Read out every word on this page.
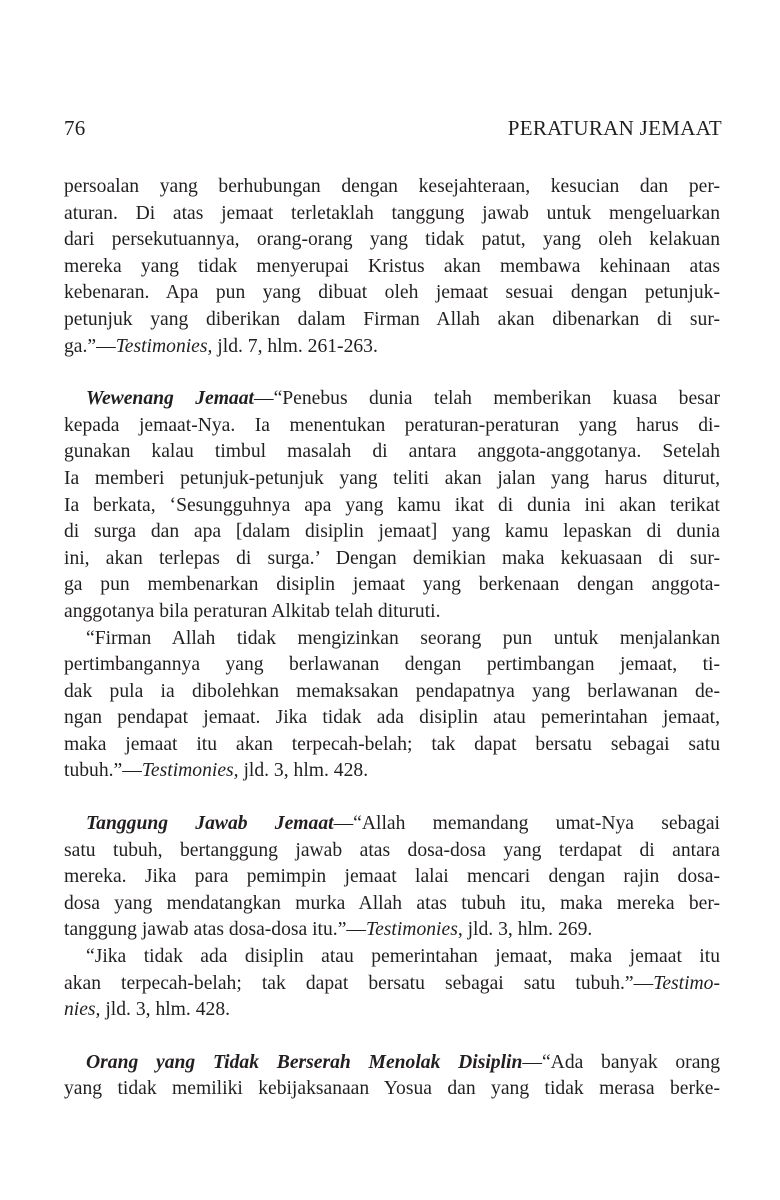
76	PERATURAN JEMAAT

persoalan yang berhubungan dengan kesejahteraan, kesucian dan per-
aturan. Di atas jemaat terletaklah tanggung jawab untuk mengeluarkan
dari persekutuannya, orang-orang yang tidak patut, yang oleh kelakuan
mereka yang tidak menyerupai Kristus akan membawa kehinaan atas
kebenaran. Apa pun yang dibuat oleh jemaat sesuai dengan petunjuk-
petunjuk yang diberikan dalam Firman Allah akan dibenarkan di sur-
ga.”—Testimonies, jld. 7, hlm. 261-263.

Wewenang Jemaat—“Penebus dunia telah memberikan kuasa besar
kepada jemaat-Nya. Ia menentukan peraturan-peraturan yang harus di-
gunakan kalau timbul masalah di antara anggota-anggotanya. Setelah
Ia memberi petunjuk-petunjuk yang teliti akan jalan yang harus diturut,
Ia berkata, ‘Sesungguhnya apa yang kamu ikat di dunia ini akan terikat
di surga dan apa [dalam disiplin jemaat] yang kamu lepaskan di dunia
ini, akan terlepas di surga.’ Dengan demikian maka kekuasaan di sur-
ga pun membenarkan disiplin jemaat yang berkenaan dengan anggota-
anggotanya bila peraturan Alkitab telah dituruti.

“Firman Allah tidak mengizinkan seorang pun untuk menjalankan
pertimbangannya yang berlawanan dengan pertimbangan jemaat, ti-
dak pula ia dibolehkan memaksakan pendapatnya yang berlawanan de-
ngan pendapat jemaat. Jika tidak ada disiplin atau pemerintahan jemaat,
maka jemaat itu akan terpecah-belah; tak dapat bersatu sebagai satu
tubuh.”—Testimonies, jld. 3, hlm. 428.

Tanggung Jawab Jemaat—“Allah memandang umat-Nya sebagai
satu tubuh, bertanggung jawab atas dosa-dosa yang terdapat di antara
mereka. Jika para pemimpin jemaat lalai mencari dengan rajin dosa-
dosa yang mendatangkan murka Allah atas tubuh itu, maka mereka ber-
tanggung jawab atas dosa-dosa itu.”—Testimonies, jld. 3, hlm. 269.

“Jika tidak ada disiplin atau pemerintahan jemaat, maka jemaat itu
akan terpecah-belah; tak dapat bersatu sebagai satu tubuh.”—Testimo-
nies, jld. 3, hlm. 428.

Orang yang Tidak Berserah Menolak Disiplin—“Ada banyak orang
yang tidak memiliki kebijaksanaan Yosua dan yang tidak merasa berke-
